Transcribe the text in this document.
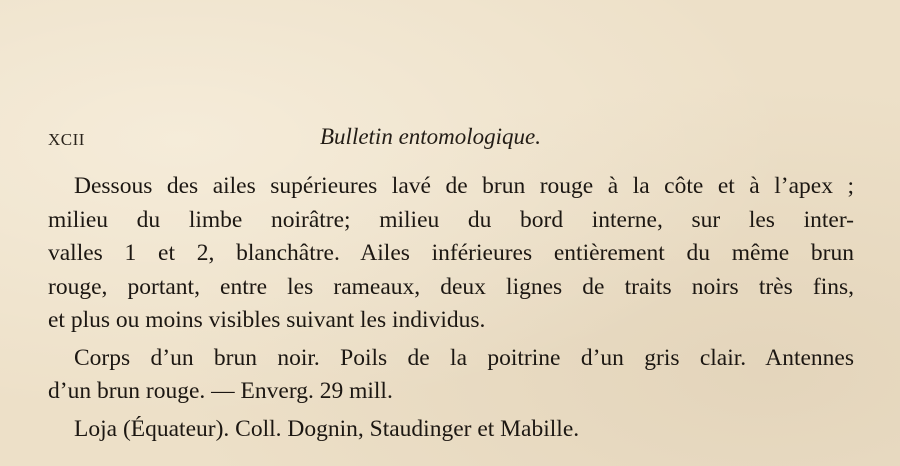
XCII	Bulletin entomologique.

Dessous des ailes supérieures lavé de brun rouge à la côte et à l’apex ;
milieu du limbe noirâtre; milieu du bord interne, sur les inter-
valles 1 et 2, blanchâtre. Ailes inférieures entièrement du même brun
rouge, portant, entre les rameaux, deux lignes de traits noirs très fins,
et plus ou moins visibles suivant les individus.

Corps d’un brun noir. Poils de la poitrine d’un gris clair. Antennes
d’un brun rouge. — Enverg. 29 mill.

Loja (Équateur). Coll. Dognin, Staudinger et Mabille.
